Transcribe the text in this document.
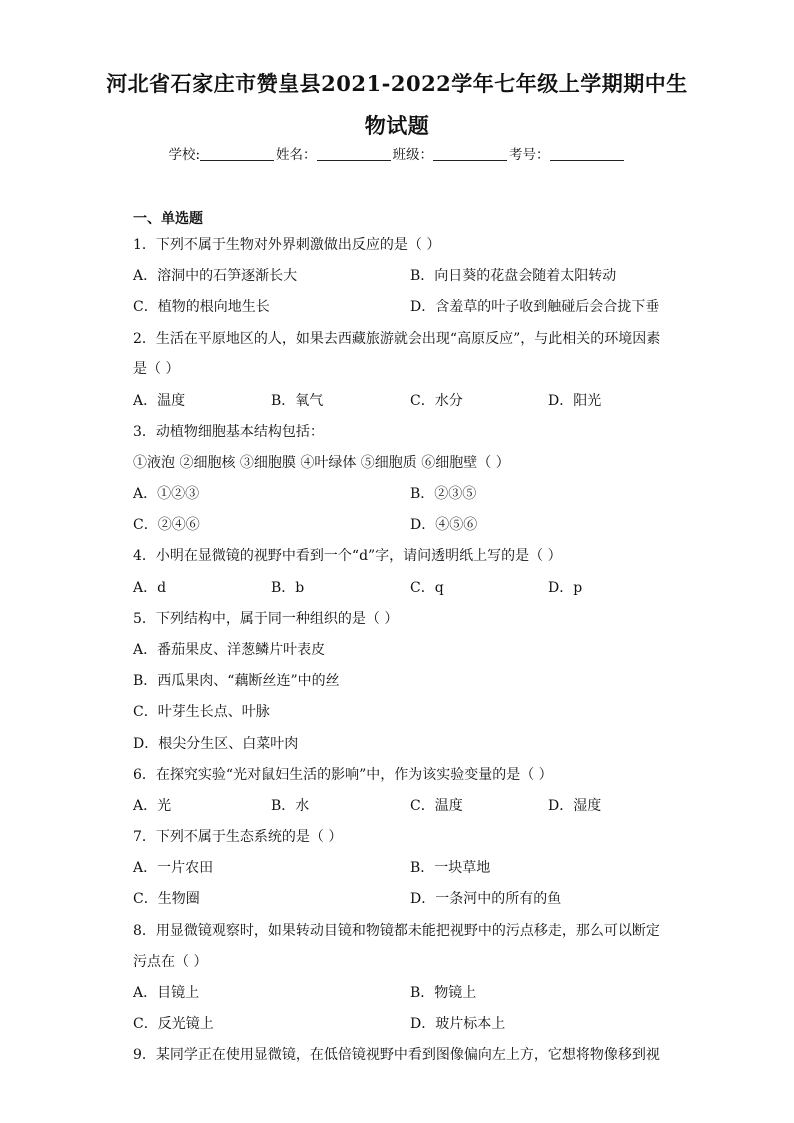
河北省石家庄市赞皇县2021-2022学年七年级上学期期中生
物试题
学校:	姓名：	班级：	考号：
一、单选题
1．下列不属于生物对外界刺激做出反应的是（ ）
A．溶洞中的石笋逐渐长大	B．向日葵的花盘会随着太阳转动
C．植物的根向地生长	D．含羞草的叶子收到触碰后会合拢下垂
2．生活在平原地区的人，如果去西藏旅游就会出现“高原反应”，与此相关的环境因素
是（ ）
A．温度	B．氧气	C．水分	D．阳光
3．动植物细胞基本结构包括：
①液泡 ②细胞核 ③细胞膜 ④叶绿体 ⑤细胞质 ⑥细胞壁（ ）
A．①②③	B．②③⑤
C．②④⑥	D．④⑤⑥
4．小明在显微镜的视野中看到一个“d”字，请问透明纸上写的是（ ）
A．d	B．b	C．q	D．p
5．下列结构中，属于同一种组织的是（ ）
A．番茄果皮、洋葱鳞片叶表皮
B．西瓜果肉、“藕断丝连”中的丝
C．叶芽生长点、叶脉
D．根尖分生区、白菜叶肉
6．在探究实验“光对鼠妇生活的影响”中，作为该实验变量的是（ ）
A．光	B．水	C．温度	D．湿度
7．下列不属于生态系统的是（ ）
A．一片农田	B．一块草地
C．生物圈	D．一条河中的所有的鱼
8．用显微镜观察时，如果转动目镜和物镜都未能把视野中的污点移走，那么可以断定
污点在（ ）
A．目镜上	B．物镜上
C．反光镜上	D．玻片标本上
9．某同学正在使用显微镜，在低倍镜视野中看到图像偏向左上方，它想将物像移到视
